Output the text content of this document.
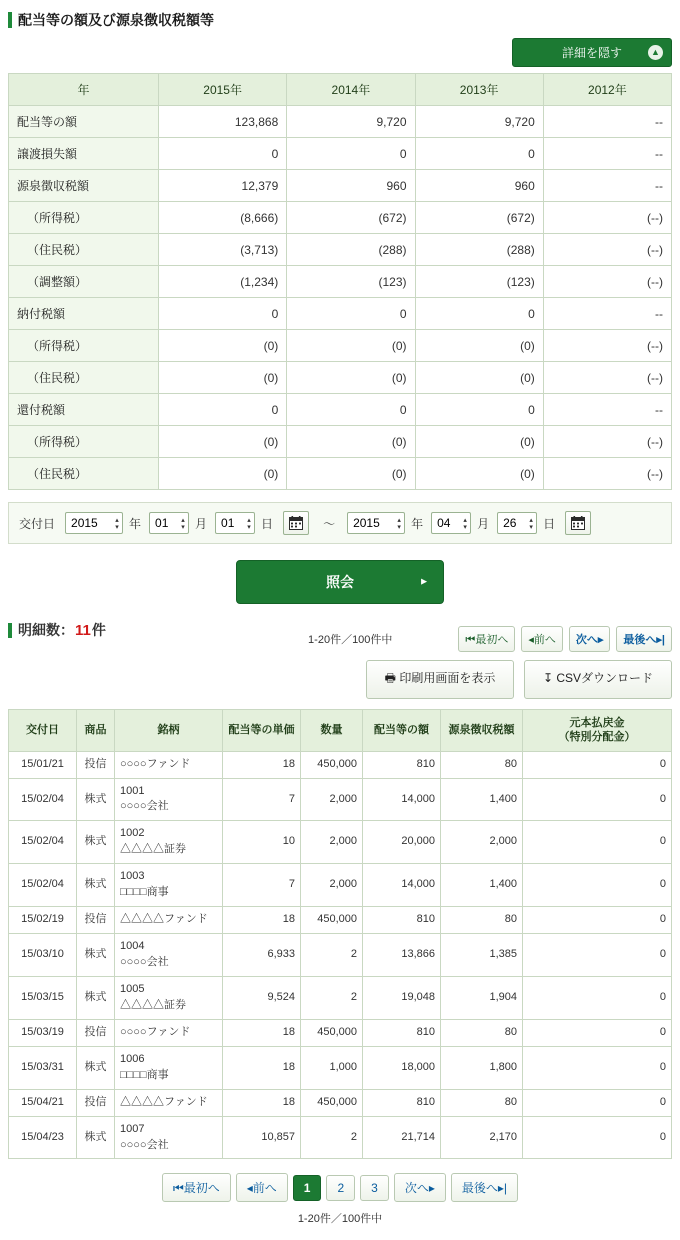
配当等の額及び源泉徴収税額等
詳細を隠す	▲
年	2015年	2014年	2013年	2012年
配当等の額	123,868	9,720	9,720	--
譲渡損失額	0	0	0	--
源泉徴収税額	12,379	960	960	--
（所得税）	(8,666)	(672)	(672)	(--)
（住民税）	(3,713)	(288)	(288)	(--)
（調整額）	(1,234)	(123)	(123)	(--)
納付税額	0	0	0	--
（所得税）	(0)	(0)	(0)	(--)
（住民税）	(0)	(0)	(0)	(--)
還付税額	0	0	0	--
（所得税）	(0)	(0)	(0)	(--)
（住民税）	(0)	(0)	(0)	(--)
交付日
2015 ▴▾	年
01 ▴▾	月
01 ▴▾	日	～
2015 ▴▾	年
04 ▴▾	月
26 ▴▾	日
照会	►
明細数： 11 件
1-20件／100件中	⏮最初へ	◂前へ	次へ▸	最後へ▸|
🖶 印刷用画面を表示	↧ CSVダウンロード
交付日	商品	銘柄	配当等の単価	数量	配当等の額	源泉徴収税額	元本払戻金
（特別分配金）

15/01/21	投信	○○○○ファンド	18	450,000	810	80	0
15/02/04	株式	1001
○○○○会社	7	2,000	14,000	1,400	0
15/02/04	株式	1002
△△△△証券	10	2,000	20,000	2,000	0
15/02/04	株式	1003
□□□□商事	7	2,000	14,000	1,400	0
15/02/19	投信	△△△△ファンド	18	450,000	810	80	0
15/03/10	株式	1004
○○○○会社	6,933	2	13,866	1,385	0
15/03/15	株式	1005
△△△△証券	9,524	2	19,048	1,904	0
15/03/19	投信	○○○○ファンド	18	450,000	810	80	0
15/03/31	株式	1006
□□□□商事	18	1,000	18,000	1,800	0
15/04/21	投信	△△△△ファンド	18	450,000	810	80	0
15/04/23	株式	1007
○○○○会社	10,857	2	21,714	2,170	0
⏮最初へ	◂前へ	1	2	3	次へ▸	最後へ▸|
1-20件／100件中
